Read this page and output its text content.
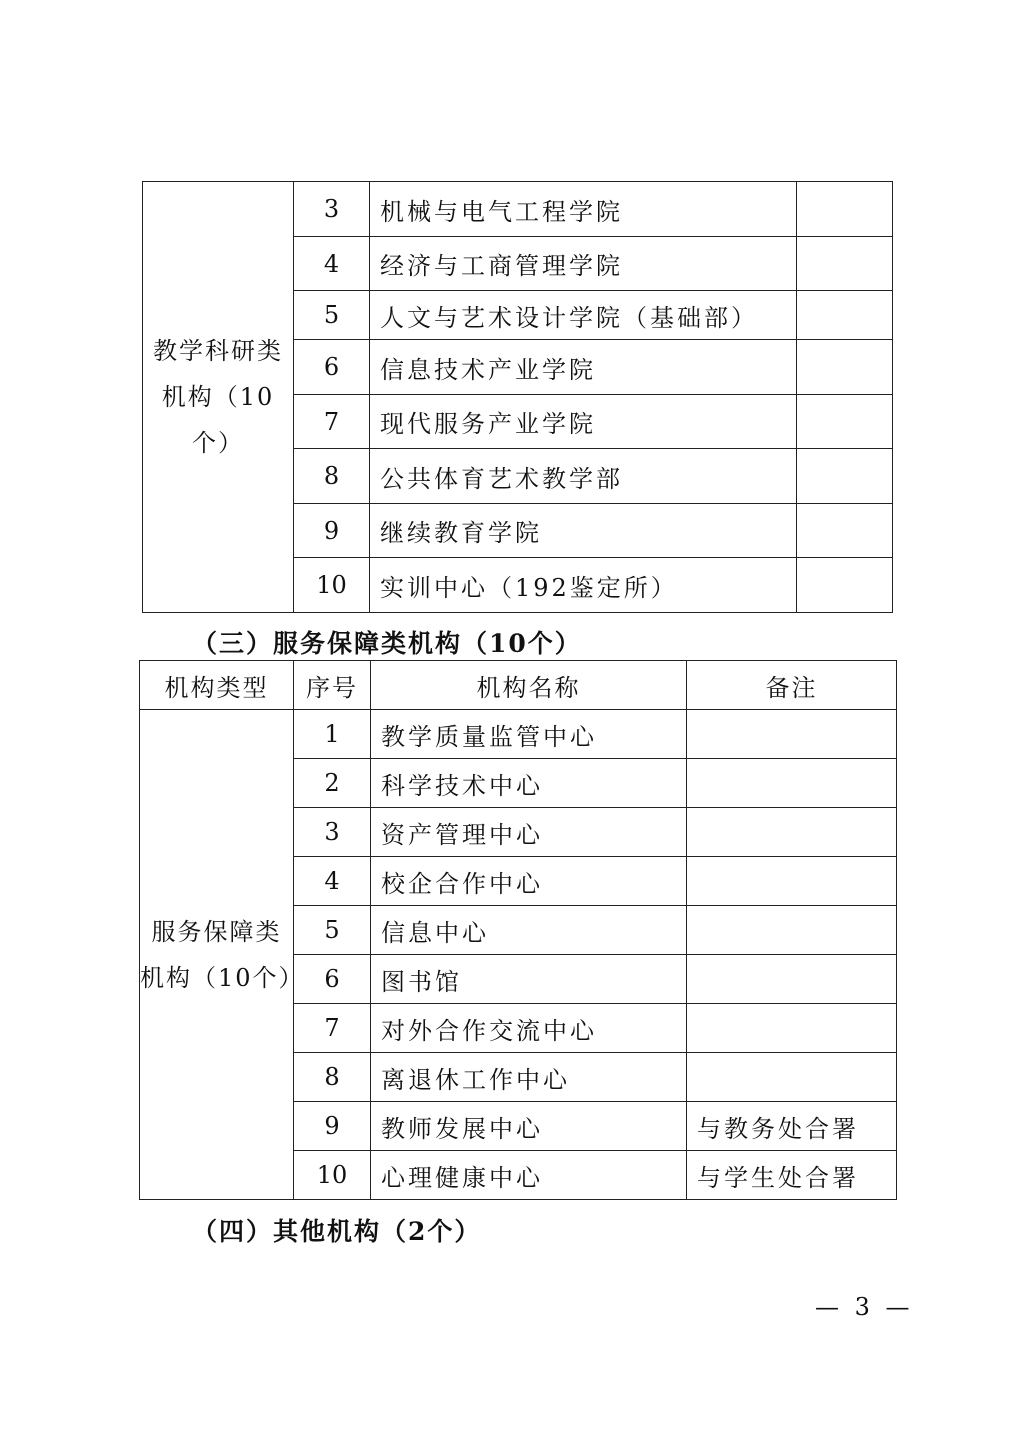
教学科研类
机构（10个）	3	机械与电气工程学院	
	4	经济与工商管理学院	
	5	人文与艺术设计学院（基础部）	
	6	信息技术产业学院	
	7	现代服务产业学院	
	8	公共体育艺术教学部	
	9	继续教育学院	
	10	实训中心（192鉴定所）	
（三）服务保障类机构（10个）
机构类型	序号	机构名称	备注

服务保障类
机构（10个）	1	教学质量监管中心	
	2	科学技术中心	
	3	资产管理中心	
	4	校企合作中心	
	5	信息中心	
	6	图书馆	
	7	对外合作交流中心	
	8	离退休工作中心	
	9	教师发展中心	与教务处合署
	10	心理健康中心	与学生处合署
（四）其他机构（2个）
— 3 —
